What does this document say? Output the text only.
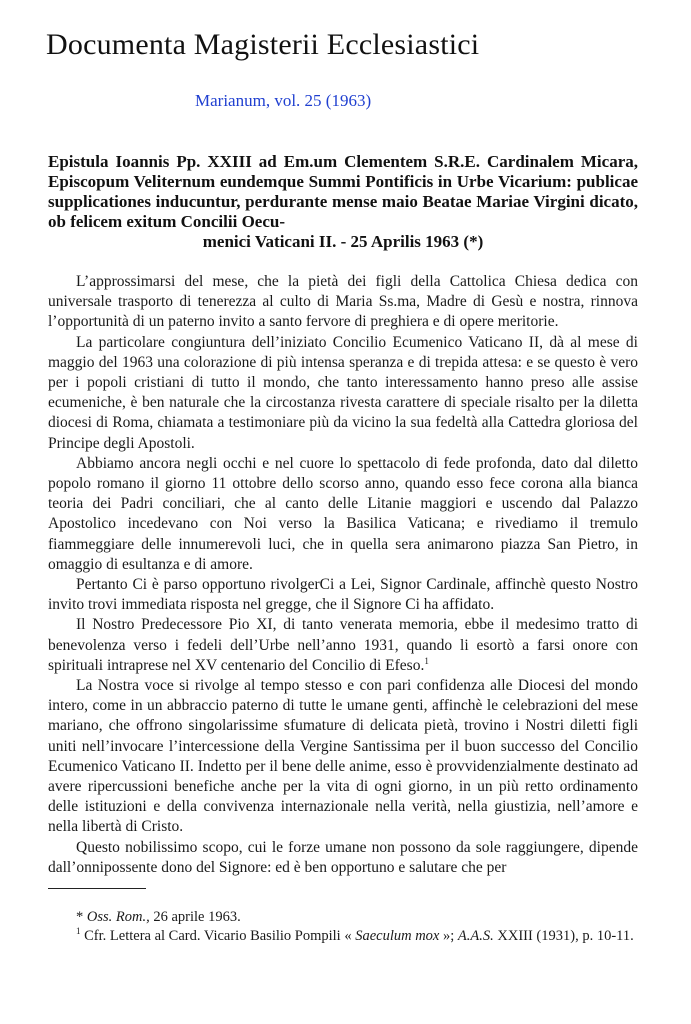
Documenta Magisterii Ecclesiastici
Marianum, vol. 25 (1963)
Epistula Ioannis Pp. XXIII ad Em.um Clementem S.R.E. Cardinalem Micara, Episcopum Veliternum eundemque Summi Pontificis in Urbe Vicarium: publicae supplicationes inducuntur, perdurante mense maio Beatae Mariae Virgini dicato, ob felicem exitum Concilii Oecu-
menici Vaticani II. - 25 Aprilis 1963 (*)

L’approssimarsi del mese, che la pietà dei figli della Cattolica Chiesa dedica con universale trasporto di tenerezza al culto di Maria Ss.ma, Madre di Gesù e nostra, rinnova l’opportunità di un paterno invito a santo fervore di preghiera e di opere meritorie.

La particolare congiuntura dell’iniziato Concilio Ecumenico Vaticano II, dà al mese di maggio del 1963 una colorazione di più intensa speranza e di trepida attesa: e se questo è vero per i popoli cristiani di tutto il mondo, che tanto interessamento hanno preso alle assise ecumeniche, è ben naturale che la circostanza rivesta carattere di speciale risalto per la diletta diocesi di Roma, chiamata a testimoniare più da vicino la sua fedeltà alla Cattedra gloriosa del Principe degli Apostoli.

Abbiamo ancora negli occhi e nel cuore lo spettacolo di fede profonda, dato dal diletto popolo romano il giorno 11 ottobre dello scorso anno, quando esso fece corona alla bianca teoria dei Padri conciliari, che al canto delle Litanie maggiori e uscendo dal Palazzo Apostolico incedevano con Noi verso la Basilica Vaticana; e rivediamo il tremulo fiammeggiare delle innumerevoli luci, che in quella sera animarono piazza San Pietro, in omaggio di esultanza e di amore.

Pertanto Ci è parso opportuno rivolgerCi a Lei, Signor Cardinale, affinchè questo Nostro invito trovi immediata risposta nel gregge, che il Signore Ci ha affidato.

Il Nostro Predecessore Pio XI, di tanto venerata memoria, ebbe il medesimo tratto di benevolenza verso i fedeli dell’Urbe nell’anno 1931, quando li esortò a farsi onore con spirituali intraprese nel XV centenario del Concilio di Efeso.$^1$

La Nostra voce si rivolge al tempo stesso e con pari confidenza alle Diocesi del mondo intero, come in un abbraccio paterno di tutte le umane genti, affinchè le celebrazioni del mese mariano, che offrono singolarissime sfumature di delicata pietà, trovino i Nostri diletti figli uniti nell’invocare l’intercessione della Vergine Santissima per il buon successo del Concilio Ecumenico Vaticano II. Indetto per il bene delle anime, esso è provvidenzialmente destinato ad avere ripercussioni benefiche anche per la vita di ogni giorno, in un più retto ordinamento delle istituzioni e della convivenza internazionale nella verità, nella giustizia, nell’amore e nella libertà di Cristo.

Questo nobilissimo scopo, cui le forze umane non possono da sole raggiungere, dipende dall’onnipossente dono del Signore: ed è ben opportuno e salutare che per

* Oss. Rom., 26 aprile 1963.

$^1$ Cfr. Lettera al Card. Vicario Basilio Pompili « Saeculum mox »; A.A.S. XXIII (1931), p. 10-11.
